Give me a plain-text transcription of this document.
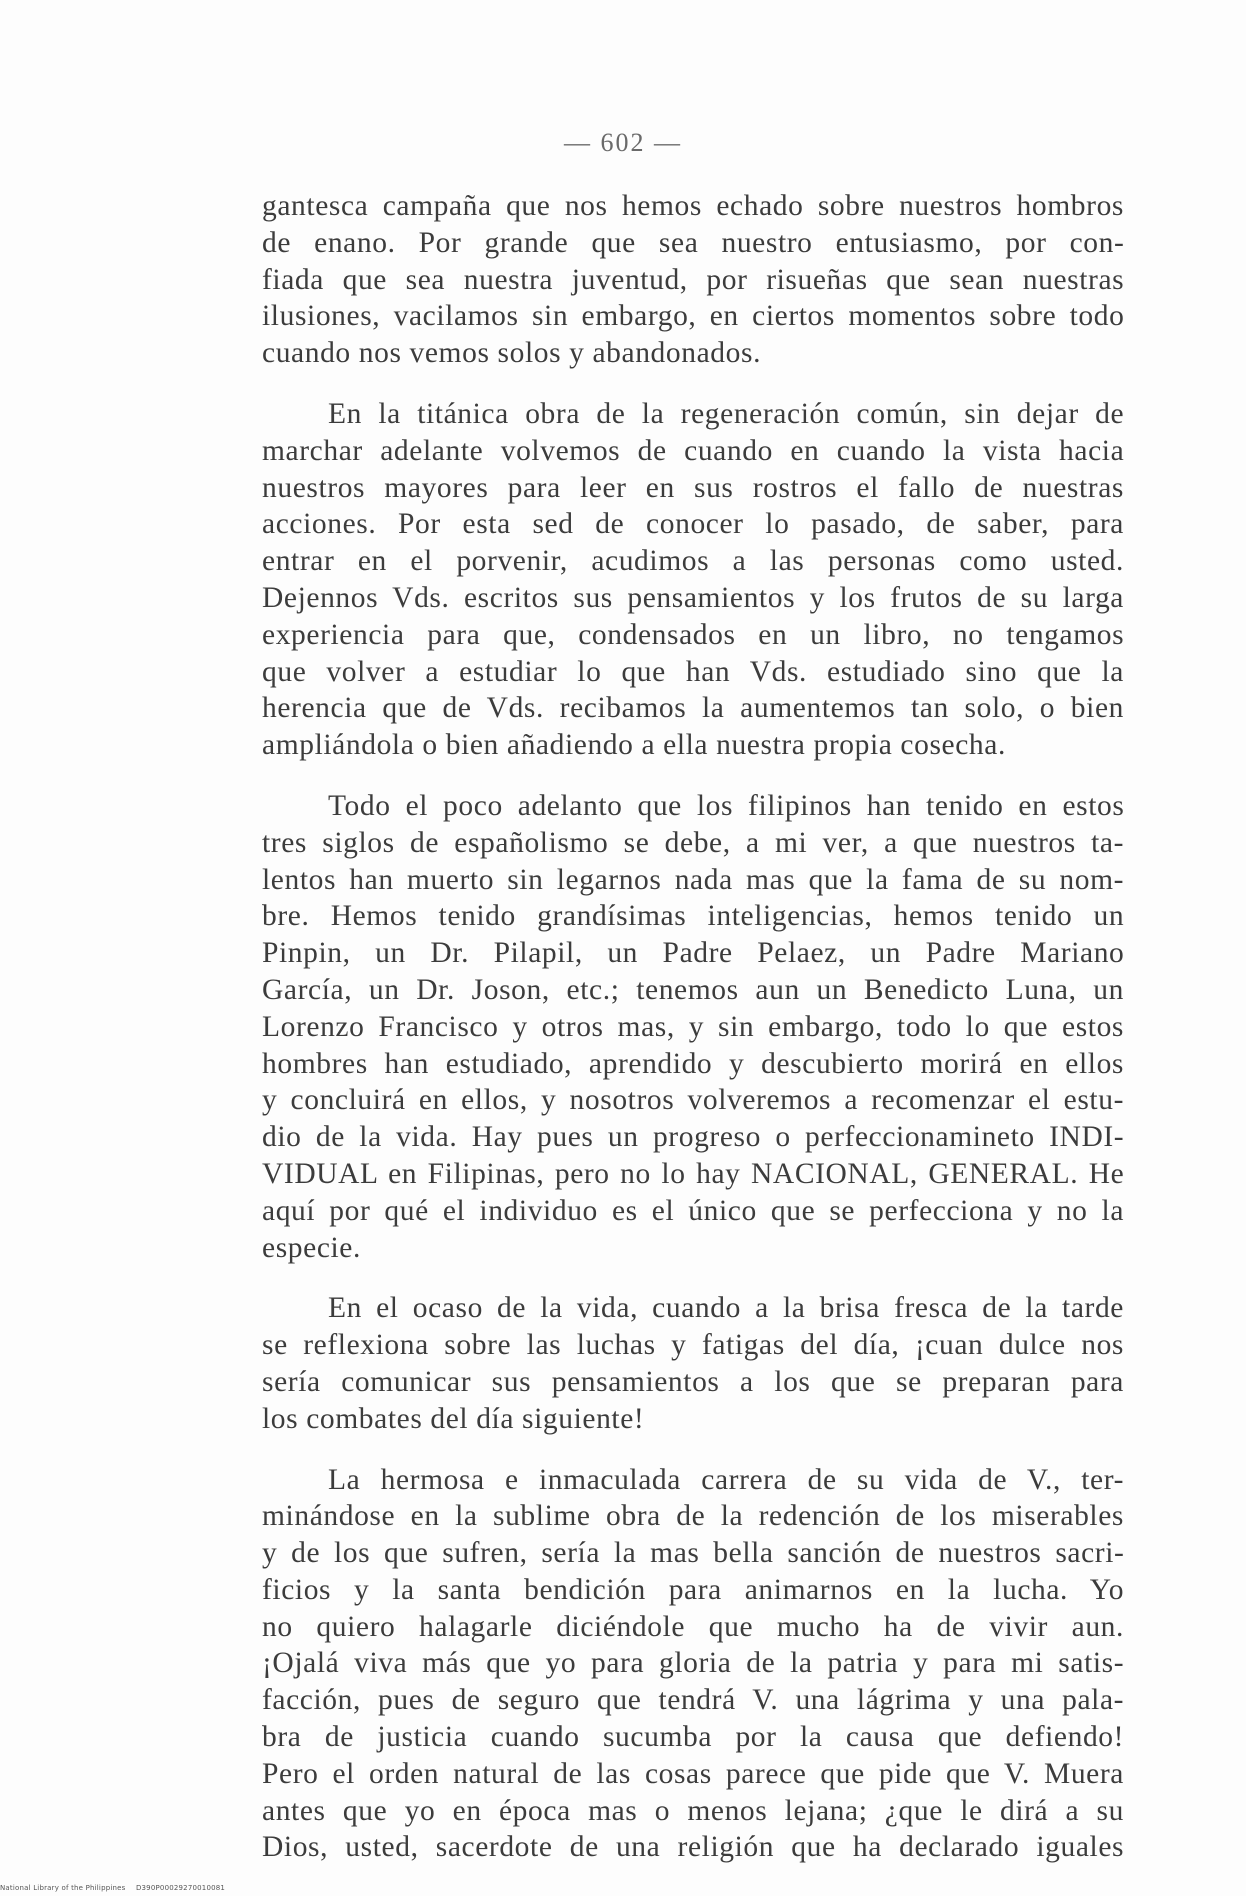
— 602 —

gantesca campaña que nos hemos echado sobre nuestros hombros
de enano. Por grande que sea nuestro entusiasmo, por con-
fiada que sea nuestra juventud, por risueñas que sean nuestras
ilusiones, vacilamos sin embargo, en ciertos momentos sobre todo
cuando nos vemos solos y abandonados.

En la titánica obra de la regeneración común, sin dejar de
marchar adelante volvemos de cuando en cuando la vista hacia
nuestros mayores para leer en sus rostros el fallo de nuestras
acciones. Por esta sed de conocer lo pasado, de saber, para
entrar en el porvenir, acudimos a las personas como usted.
Dejennos Vds. escritos sus pensamientos y los frutos de su larga
experiencia para que, condensados en un libro, no tengamos
que volver a estudiar lo que han Vds. estudiado sino que la
herencia que de Vds. recibamos la aumentemos tan solo, o bien
ampliándola o bien añadiendo a ella nuestra propia cosecha.

Todo el poco adelanto que los filipinos han tenido en estos
tres siglos de españolismo se debe, a mi ver, a que nuestros ta-
lentos han muerto sin legarnos nada mas que la fama de su nom-
bre. Hemos tenido grandísimas inteligencias, hemos tenido un
Pinpin, un Dr. Pilapil, un Padre Pelaez, un Padre Mariano
García, un Dr. Joson, etc.; tenemos aun un Benedicto Luna, un
Lorenzo Francisco y otros mas, y sin embargo, todo lo que estos
hombres han estudiado, aprendido y descubierto morirá en ellos
y concluirá en ellos, y nosotros volveremos a recomenzar el estu-
dio de la vida. Hay pues un progreso o perfeccionamineto INDI-
VIDUAL en Filipinas, pero no lo hay NACIONAL, GENERAL. He
aquí por qué el individuo es el único que se perfecciona y no la
especie.

En el ocaso de la vida, cuando a la brisa fresca de la tarde
se reflexiona sobre las luchas y fatigas del día, ¡cuan dulce nos
sería comunicar sus pensamientos a los que se preparan para
los combates del día siguiente!

La hermosa e inmaculada carrera de su vida de V., ter-
minándose en la sublime obra de la redención de los miserables
y de los que sufren, sería la mas bella sanción de nuestros sacri-
ficios y la santa bendición para animarnos en la lucha. Yo
no quiero halagarle diciéndole que mucho ha de vivir aun.
¡Ojalá viva más que yo para gloria de la patria y para mi satis-
facción, pues de seguro que tendrá V. una lágrima y una pala-
bra de justicia cuando sucumba por la causa que defiendo!
Pero el orden natural de las cosas parece que pide que V. Muera
antes que yo en época mas o menos lejana; ¿que le dirá a su
Dios, usted, sacerdote de una religión que ha declarado iguales

National Library of the Philippines D390P00029270010081
